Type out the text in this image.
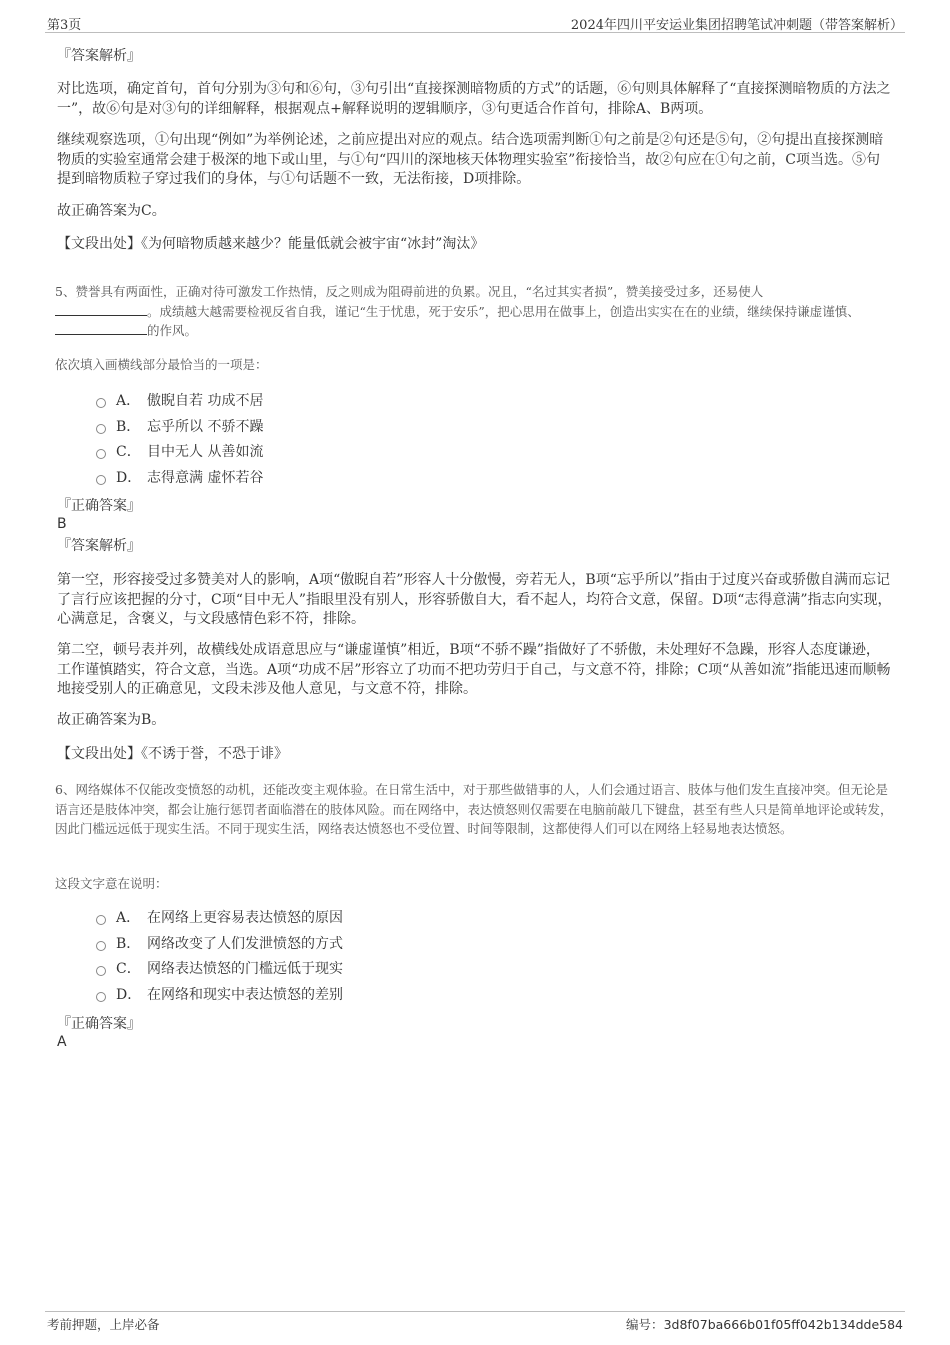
第3页	2024年四川平安运业集团招聘笔试冲刺题（带答案解析）

『答案解析』

对比选项，确定首句，首句分别为③句和⑥句，③句引出“直接探测暗物质的方式”的话题，⑥句则具体解释了“直接探测暗物质的方法之一”，故⑥句是对③句的详细解释，根据观点+解释说明的逻辑顺序，③句更适合作首句，排除A、B两项。

继续观察选项，①句出现“例如”为举例论述，之前应提出对应的观点。结合选项需判断①句之前是②句还是⑤句，②句提出直接探测暗物质的实验室通常会建于极深的地下或山里，与①句“四川的深地核天体物理实验室”衔接恰当，故②句应在①句之前，C项当选。⑤句提到暗物质粒子穿过我们的身体，与①句话题不一致，无法衔接，D项排除。

故正确答案为C。

【文段出处】《为何暗物质越来越少？能量低就会被宇宙“冰封”淘汰》

5、赞誉具有两面性，正确对待可激发工作热情，反之则成为阻碍前进的负累。况且，“名过其实者损”，赞美接受过多，还易使人
。成绩越大越需要检视反省自我，谨记“生于忧患，死于安乐”，把心思用在做事上，创造出实实在在的业绩，继续保持谦虚谨慎、的作风。

依次填入画横线部分最恰当的一项是：

A． 傲睨自若 功成不居
B． 忘乎所以 不骄不躁
C． 目中无人 从善如流
D． 志得意满 虚怀若谷

『正确答案』

B

『答案解析』

第一空，形容接受过多赞美对人的影响，A项“傲睨自若”形容人十分傲慢，旁若无人，B项“忘乎所以”指由于过度兴奋或骄傲自满而忘记了言行应该把握的分寸，C项“目中无人”指眼里没有别人，形容骄傲自大，看不起人，均符合文意，保留。D项“志得意满”指志向实现，心满意足，含褒义，与文段感情色彩不符，排除。

第二空，顿号表并列，故横线处成语意思应与“谦虚谨慎”相近，B项“不骄不躁”指做好了不骄傲，未处理好不急躁，形容人态度谦逊，工作谨慎踏实，符合文意，当选。A项“功成不居”形容立了功而不把功劳归于自己，与文意不符，排除；C项“从善如流”指能迅速而顺畅地接受别人的正确意见，文段未涉及他人意见，与文意不符，排除。

故正确答案为B。

【文段出处】《不诱于誉，不恐于诽》

6、网络媒体不仅能改变愤怒的动机，还能改变主观体验。在日常生活中，对于那些做错事的人，人们会通过语言、肢体与他们发生直接冲突。但无论是语言还是肢体冲突，都会让施行惩罚者面临潜在的肢体风险。而在网络中，表达愤怒则仅需要在电脑前敲几下键盘，甚至有些人只是简单地评论或转发，因此门槛远远低于现实生活。不同于现实生活，网络表达愤怒也不受位置、时间等限制，这都使得人们可以在网络上轻易地表达愤怒。

这段文字意在说明：

A． 在网络上更容易表达愤怒的原因
B． 网络改变了人们发泄愤怒的方式
C． 网络表达愤怒的门槛远低于现实
D． 在网络和现实中表达愤怒的差别

『正确答案』

A

考前押题，上岸必备	编号：3d8f07ba666b01f05ff042b134dde584
